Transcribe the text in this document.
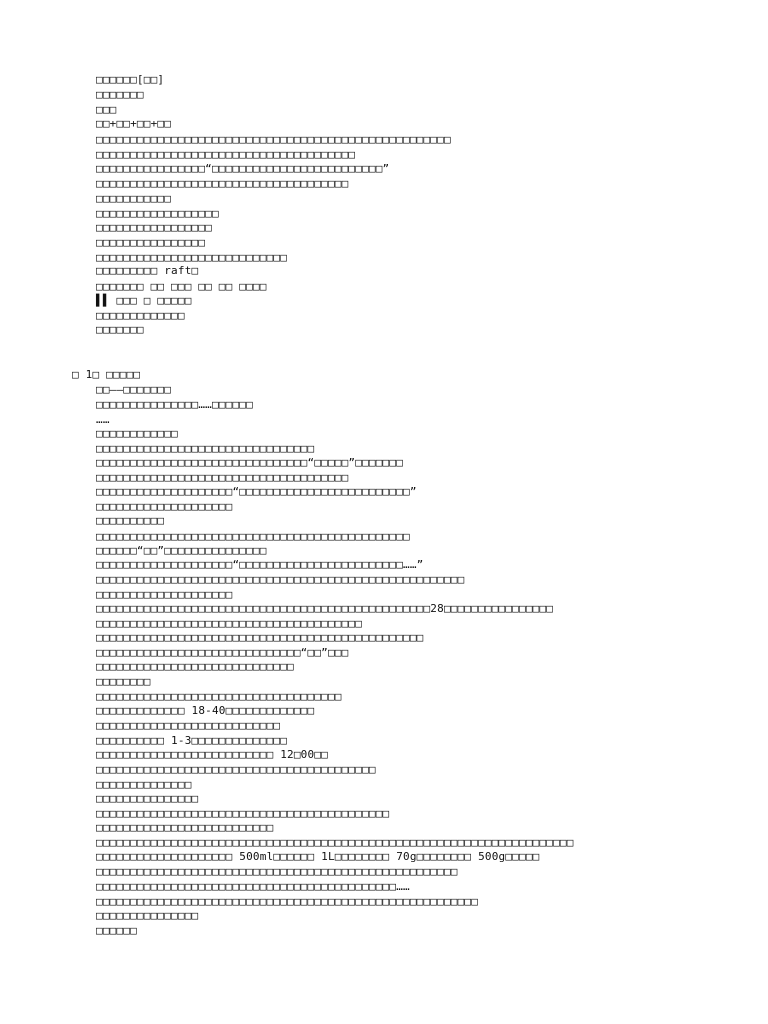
□□□□□□[□□]
□□□□□□□
□□□
□□+□□+□□+□□
□□□□□□□□□□□□□□□□□□□□□□□□□□□□□□□□□□□□□□□□□□□□□□□□□□□□
□□□□□□□□□□□□□□□□□□□□□□□□□□□□□□□□□□□□□□
□□□□□□□□□□□□□□□□“□□□□□□□□□□□□□□□□□□□□□□□□□”
□□□□□□□□□□□□□□□□□□□□□□□□□□□□□□□□□□□□□
□□□□□□□□□□□
□□□□□□□□□□□□□□□□□□
□□□□□□□□□□□□□□□□□
□□□□□□□□□□□□□□□□
□□□□□□□□□□□□□□□□□□□□□□□□□□□□
□□□□□□□□□ raft□
□□□□□□□ □□ □□□ □□ □□ □□□□
▌▌ □□□ □ □□□□□
□□□□□□□□□□□□□
□□□□□□□
□ 1□ □□□□□
□□——□□□□□□□
□□□□□□□□□□□□□□□……□□□□□□
……
□□□□□□□□□□□□
□□□□□□□□□□□□□□□□□□□□□□□□□□□□□□□□
□□□□□□□□□□□□□□□□□□□□□□□□□□□□□□□“□□□□□”□□□□□□□
□□□□□□□□□□□□□□□□□□□□□□□□□□□□□□□□□□□□□
□□□□□□□□□□□□□□□□□□□□“□□□□□□□□□□□□□□□□□□□□□□□□□”
□□□□□□□□□□□□□□□□□□□□
□□□□□□□□□□
□□□□□□□□□□□□□□□□□□□□□□□□□□□□□□□□□□□□□□□□□□□□□□
□□□□□□“□□”□□□□□□□□□□□□□□□
□□□□□□□□□□□□□□□□□□□□“□□□□□□□□□□□□□□□□□□□□□□□□……”
□□□□□□□□□□□□□□□□□□□□□□□□□□□□□□□□□□□□□□□□□□□□□□□□□□□□□□
□□□□□□□□□□□□□□□□□□□□
□□□□□□□□□□□□□□□□□□□□□□□□□□□□□□□□□□□□□□□□□□□□□□□□□28□□□□□□□□□□□□□□□□
□□□□□□□□□□□□□□□□□□□□□□□□□□□□□□□□□□□□□□□
□□□□□□□□□□□□□□□□□□□□□□□□□□□□□□□□□□□□□□□□□□□□□□□□
□□□□□□□□□□□□□□□□□□□□□□□□□□□□□□“□□”□□□
□□□□□□□□□□□□□□□□□□□□□□□□□□□□□
□□□□□□□□
□□□□□□□□□□□□□□□□□□□□□□□□□□□□□□□□□□□□
□□□□□□□□□□□□□ 18-40□□□□□□□□□□□□□
□□□□□□□□□□□□□□□□□□□□□□□□□□□
□□□□□□□□□□ 1-3□□□□□□□□□□□□□□
□□□□□□□□□□□□□□□□□□□□□□□□□□ 12□00□□
□□□□□□□□□□□□□□□□□□□□□□□□□□□□□□□□□□□□□□□□□
□□□□□□□□□□□□□□
□□□□□□□□□□□□□□□
□□□□□□□□□□□□□□□□□□□□□□□□□□□□□□□□□□□□□□□□□□□
□□□□□□□□□□□□□□□□□□□□□□□□□□
□□□□□□□□□□□□□□□□□□□□□□□□□□□□□□□□□□□□□□□□□□□□□□□□□□□□□□□□□□□□□□□□□□□□□□
□□□□□□□□□□□□□□□□□□□□ 500ml□□□□□□ 1L□□□□□□□□ 70g□□□□□□□□ 500g□□□□□
□□□□□□□□□□□□□□□□□□□□□□□□□□□□□□□□□□□□□□□□□□□□□□□□□□□□□
□□□□□□□□□□□□□□□□□□□□□□□□□□□□□□□□□□□□□□□□□□□□……
□□□□□□□□□□□□□□□□□□□□□□□□□□□□□□□□□□□□□□□□□□□□□□□□□□□□□□□□
□□□□□□□□□□□□□□□
□□□□□□
